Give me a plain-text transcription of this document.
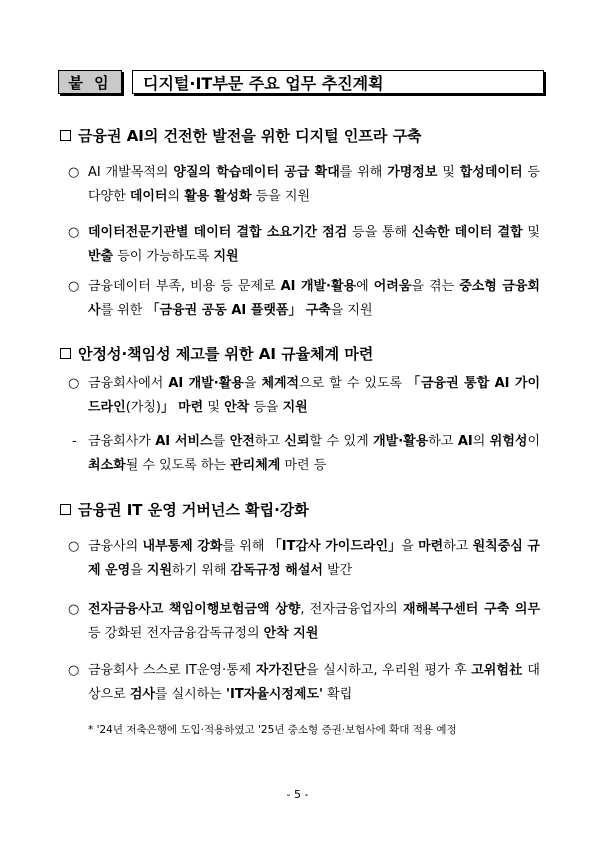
붙 임	디지털·IT부문 주요 업무 추진계획
금융권 AI의 건전한 발전을 위한 디지털 인프라 구축
○ AI 개발목적의 양질의 학습데이터 공급 확대를 위해 가명정보 및 합성데이터 등 다양한 데이터의 활용 활성화 등을 지원
○ 데이터전문기관별 데이터 결합 소요기간 점검 등을 통해 신속한 데이터 결합 및 반출 등이 가능하도록 지원
○ 금융데이터 부족, 비용 등 문제로 AI 개발·활용에 어려움을 겪는 중소형 금융회사를 위한 「금융권 공동 AI 플랫폼」 구축을 지원
안정성·책임성 제고를 위한 AI 규율체계 마련
○ 금융회사에서 AI 개발·활용을 체계적으로 할 수 있도록 「금융권 통합 AI 가이드라인(가칭)」 마련 및 안착 등을 지원
- 금융회사가 AI 서비스를 안전하고 신뢰할 수 있게 개발·활용하고 AI의 위험성이 최소화될 수 있도록 하는 관리체계 마련 등
금융권 IT 운영 거버넌스 확립·강화
○ 금융사의 내부통제 강화를 위해 「IT감사 가이드라인」을 마련하고 원칙중심 규제 운영을 지원하기 위해 감독규정 해설서 발간
○ 전자금융사고 책임이행보험금액 상향, 전자금융업자의 재해복구센터 구축 의무 등 강화된 전자금융감독규정의 안착 지원
○ 금융회사 스스로 IT운영·통제 자가진단을 실시하고, 우리원 평가 후 고위험社 대상으로 검사를 실시하는 'IT자율시정제도' 확립
* '24년 저축은행에 도입·적용하였고 '25년 중소형 증권·보험사에 확대 적용 예정
- 5 -
